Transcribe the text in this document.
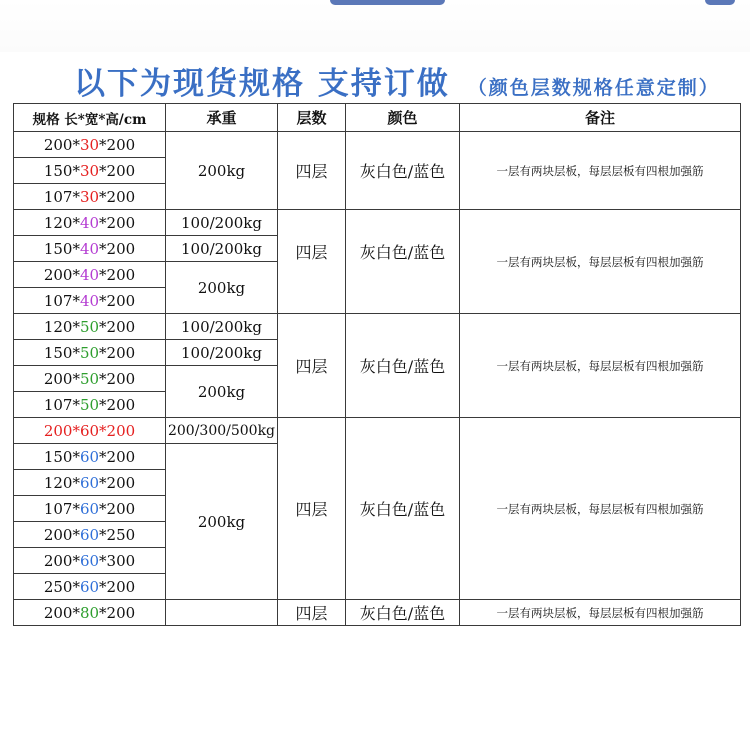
以下为现货规格 支持订做 （颜色层数规格任意定制）
规格 长*宽*高/cm	承重	层数	颜色	备注
200*30*200	200kg	四层	灰白色/蓝色	一层有两块层板，每层层板有四根加强筋
150*30*200				
107*30*200				
120*40*200	100/200kg	四层	灰白色/蓝色	一层有两块层板，每层层板有四根加强筋
150*40*200	100/200kg			
200*40*200	200kg			
107*40*200				
120*50*200	100/200kg	四层	灰白色/蓝色	一层有两块层板，每层层板有四根加强筋
150*50*200	100/200kg			
200*50*200	200kg			
107*50*200				
200*60*200	200/300/500kg	四层	灰白色/蓝色	一层有两块层板，每层层板有四根加强筋
150*60*200	200kg			
120*60*200				
107*60*200				
200*60*250				
200*60*300				
250*60*200				
200*80*200		四层	灰白色/蓝色	一层有两块层板，每层层板有四根加强筋
